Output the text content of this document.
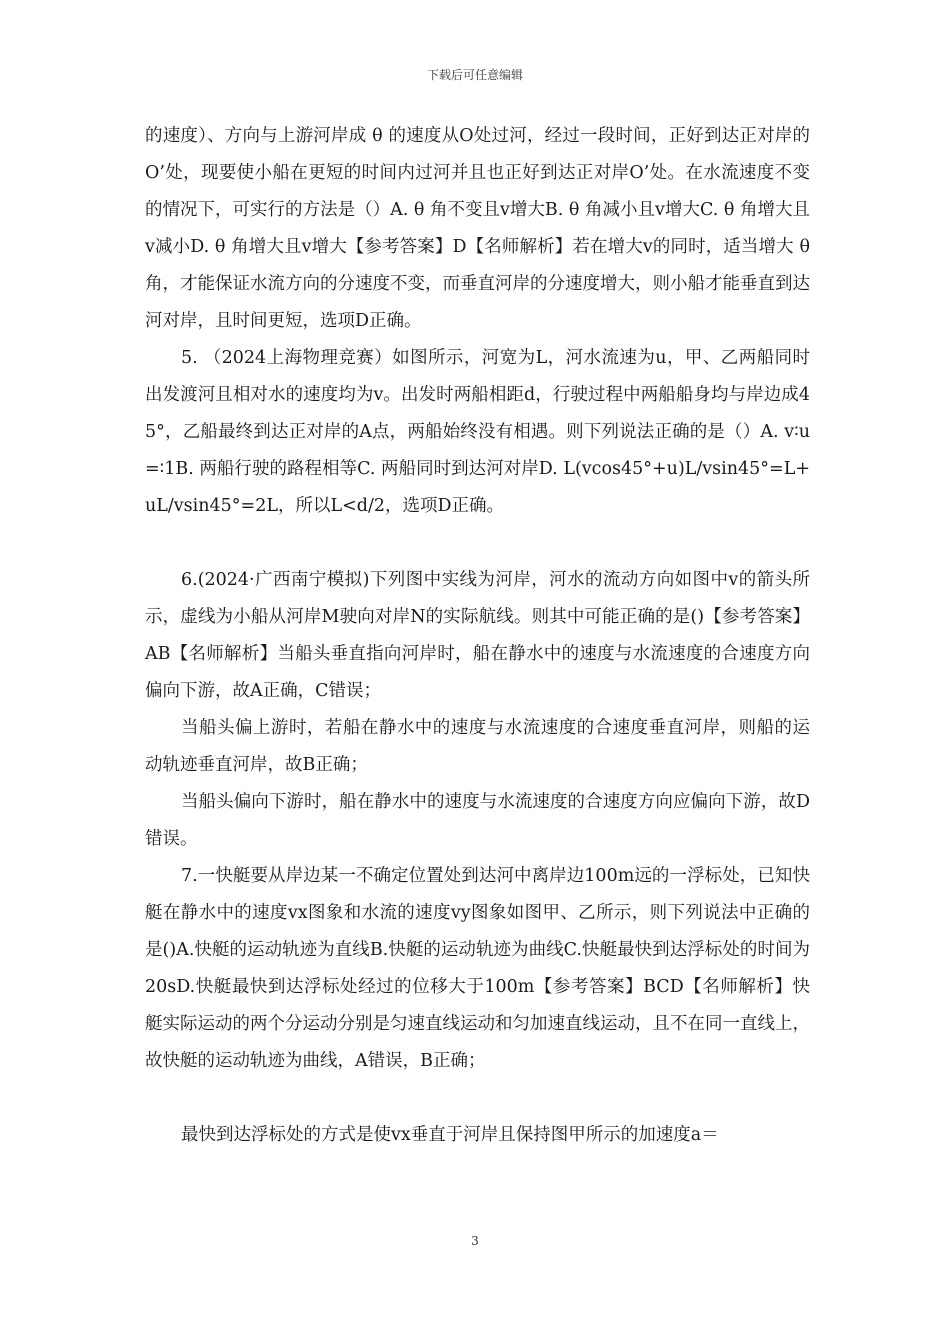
下载后可任意编辑

的速度）、方向与上游河岸成 θ 的速度从O处过河，经过一段时间，正好到达正对岸的O’处，现要使小船在更短的时间内过河并且也正好到达正对岸O’处。在水流速度不变的情况下，可实行的方法是（）A. θ 角不变且v增大B. θ 角减小且v增大C. θ 角增大且v减小D. θ 角增大且v增大【参考答案】D【名师解析】若在增大v的同时，适当增大 θ 角，才能保证水流方向的分速度不变，而垂直河岸的分速度增大，则小船才能垂直到达河对岸，且时间更短，选项D正确。

5. （2024上海物理竞赛）如图所示，河宽为L，河水流速为u，甲、乙两船同时出发渡河且相对水的速度均为v。出发时两船相距d，行驶过程中两船船身均与岸边成45°，乙船最终到达正对岸的A点，两船始终没有相遇。则下列说法正确的是（）A. v∶u=∶1B. 两船行驶的路程相等C. 两船同时到达河对岸D. L(vcos45°+u)L/vsin45°=L+uL/vsin45°=2L，所以L<d/2，选项D正确。

6.(2024·广西南宁模拟)下列图中实线为河岸，河水的流动方向如图中v的箭头所示，虚线为小船从河岸M驶向对岸N的实际航线。则其中可能正确的是()【参考答案】AB【名师解析】当船头垂直指向河岸时，船在静水中的速度与水流速度的合速度方向偏向下游，故A正确，C错误；

当船头偏上游时，若船在静水中的速度与水流速度的合速度垂直河岸，则船的运动轨迹垂直河岸，故B正确；

当船头偏向下游时，船在静水中的速度与水流速度的合速度方向应偏向下游，故D错误。

7.一快艇要从岸边某一不确定位置处到达河中离岸边100m远的一浮标处，已知快艇在静水中的速度vx图象和水流的速度vy图象如图甲、乙所示，则下列说法中正确的是()A.快艇的运动轨迹为直线B.快艇的运动轨迹为曲线C.快艇最快到达浮标处的时间为20sD.快艇最快到达浮标处经过的位移大于100m【参考答案】BCD【名师解析】快艇实际运动的两个分运动分别是匀速直线运动和匀加速直线运动，且不在同一直线上，故快艇的运动轨迹为曲线，A错误，B正确；

最快到达浮标处的方式是使vx垂直于河岸且保持图甲所示的加速度a＝

3
